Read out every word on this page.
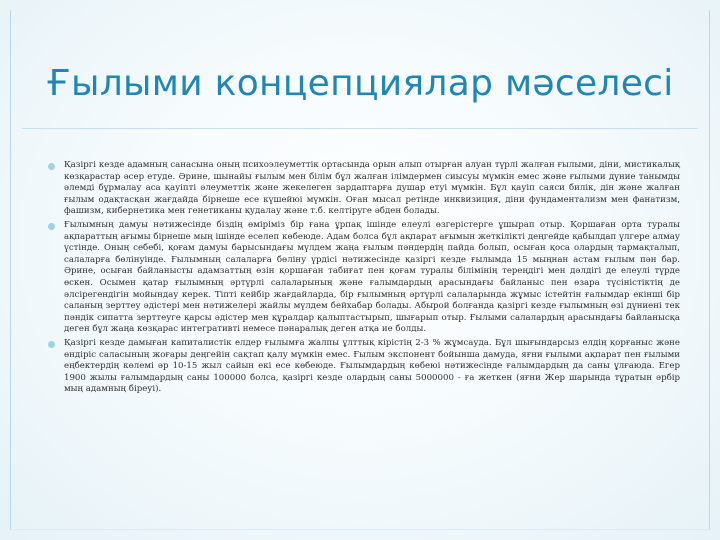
Ғылыми концепциялар мәселесі
Қазіргі кезде адамның санасына оның психоэлеуметтік ортасында орын алып отырған алуан түрлі жалған ғылыми, діни, мистикалық көзқарастар әсер етуде. Әрине, шынайы ғылым мен білім бұл жалған ілімдермен сиысуы мүмкін емес және ғылыми дүние танымды әлемді бұрмалау аса қауіпті әлеуметтік және жекелеген зардаптарға душар етуі мүмкін. Бұл қауіп саяси билік, дін және жалған ғылым одақтасқан жағдайда бірнеше есе күшейюі мүмкін. Оған мысал ретінде инквизиция, діни фундаментализм мен фанатизм, фашизм, кибернетика мен генетиканы қудалау және т.б. келтіруге әбден болады.
Ғылымның дамуы нәтижесінде біздің өміріміз бір ғана ұрпақ ішінде елеулі өзгерістерге ұшырап отыр. Қоршаған орта туралы ақпараттың ағымы бірнеше мың ішінде еселеп көбеюде. Адам болса бұл ақпарат ағымын жеткілікті деңгейде қабылдап үлгере алмау үстінде. Оның себебі, қоғам дамуы барысындағы мүлдем жаңа ғылым пәндердің пайда болып, осыған қоса олардың тармақталып, салаларға бөлінуінде. Ғылымның салаларға бөліну үрдісі нәтижесінде қазіргі кезде ғылымда 15 мыңнан астам ғылым пән бар. Әрине, осыған байланысты адамзаттың өзін қоршаған табиғат пен қоғам туралы білімінің тереңдігі мен дәлдігі де елеулі түрде өскен. Осымен қатар ғылымның әртүрлі салаларының және ғалымдардың арасындағы байланыс пен өзара түсіністіктің де әлсірегендігін мойындау керек. Тіпті кейбір жағдайларда, бір ғылымның әртүрлі салаларында жұмыс істейтін ғалымдар екінші бір саланың зерттеу әдістері мен нәтижелері жайлы мүлдем бейхабар болады. Абырой болғанда қазіргі кезде ғылымның өзі дүниені тек пәндік сипатта зерттеуге қарсы әдістер мен құралдар қалыптастырып, шығарып отыр. Ғылыми салалардың арасындағы байланысқа деген бұл жаңа көзқарас интегративті немесе пәнаралық деген атқа ие болды.
Қазіргі кезде дамыған капиталистік елдер ғылымға жалпы ұлттық кірістің 2-3 % жұмсауда. Бұл шығындарсыз елдің қорғаныс және өндіріс саласының жоғары деңгейін сақтап қалу мүмкін емес. Ғылым экспонент бойынша дамуда, яғни ғылыми ақпарат пен ғылыми еңбектердің көлемі әр 10-15 жыл сайын екі есе көбеюде. Ғылымдардың көбеюі нәтижесінде ғалымдардың да саны ұлғаюда. Егер 1900 жылы ғалымдардың саны 100000 болса, қазіргі кезде олардың саны 5000000 - ға жеткен (яғни Жер шарында тұратын әрбір мың адамның біреуі).
